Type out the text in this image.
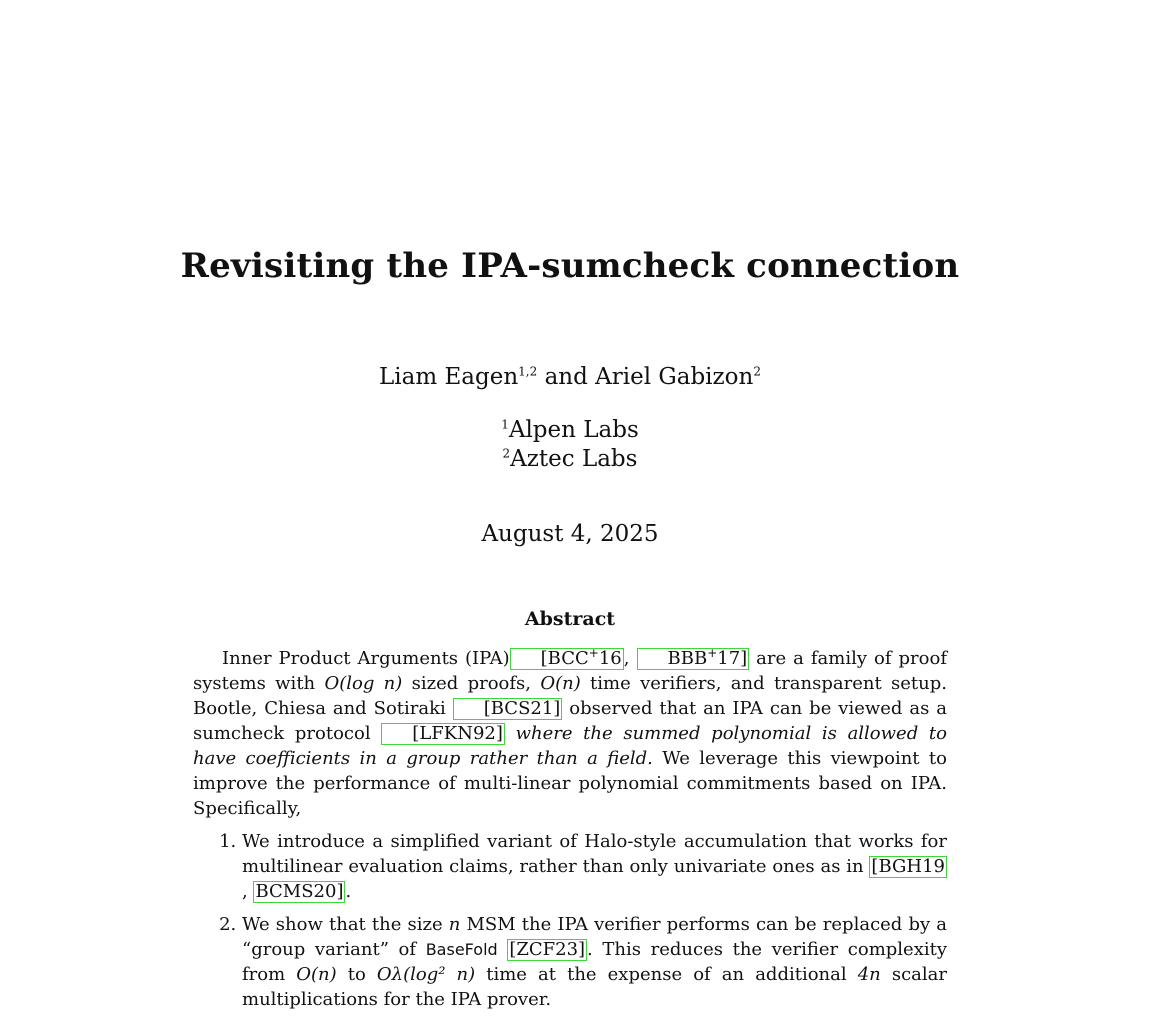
Revisiting the IPA-sumcheck connection
Liam Eagen$^{1,2}$ and Ariel Gabizon$^2$
$^1$Alpen Labs
$^2$Aztec Labs
August 4, 2025
Abstract

Inner Product Arguments (IPA) [BCC+16 , BBB+17] are a family of proof systems with O(log n) sized proofs, O(n) time verifiers, and transparent setup. Bootle, Chiesa and Sotiraki [BCS21] observed that an IPA can be viewed as a sumcheck protocol [LFKN92] where the summed polynomial is allowed to have coefficients in a group rather than a field. We leverage this viewpoint to improve the performance of multi-linear polynomial commitments based on IPA. Specifically,

1. We introduce a simplified variant of Halo-style accumulation that works for multilinear evaluation claims, rather than only univariate ones as in [BGH19, BCMS20] .
2. We show that the size n MSM the IPA verifier performs can be replaced by a “group variant” of BaseFold [ZCF23] . This reduces the verifier complexity from O(n) to Oλ(log² n) time at the expense of an additional 4n scalar multiplications for the IPA prover.
